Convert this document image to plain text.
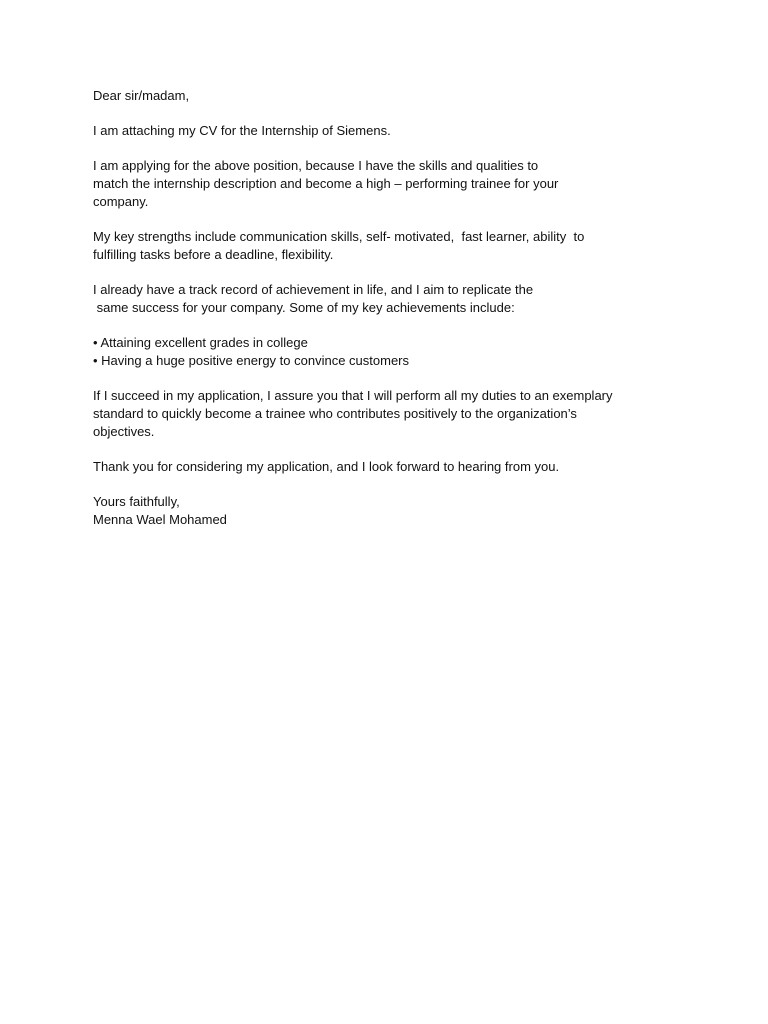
Dear sir/madam,
I am attaching my CV for the Internship of Siemens.
I am applying for the above position, because I have the skills and qualities to
match the internship description and become a high – performing trainee for your
company.
My key strengths include communication skills, self- motivated,  fast learner, ability  to
fulfilling tasks before a deadline, flexibility.
I already have a track record of achievement in life, and I aim to replicate the
same success for your company. Some of my key achievements include:
• Attaining excellent grades in college
• Having a huge positive energy to convince customers
If I succeed in my application, I assure you that I will perform all my duties to an exemplary
standard to quickly become a trainee who contributes positively to the organization’s
objectives.
Thank you for considering my application, and I look forward to hearing from you.
Yours faithfully,
Menna Wael Mohamed
